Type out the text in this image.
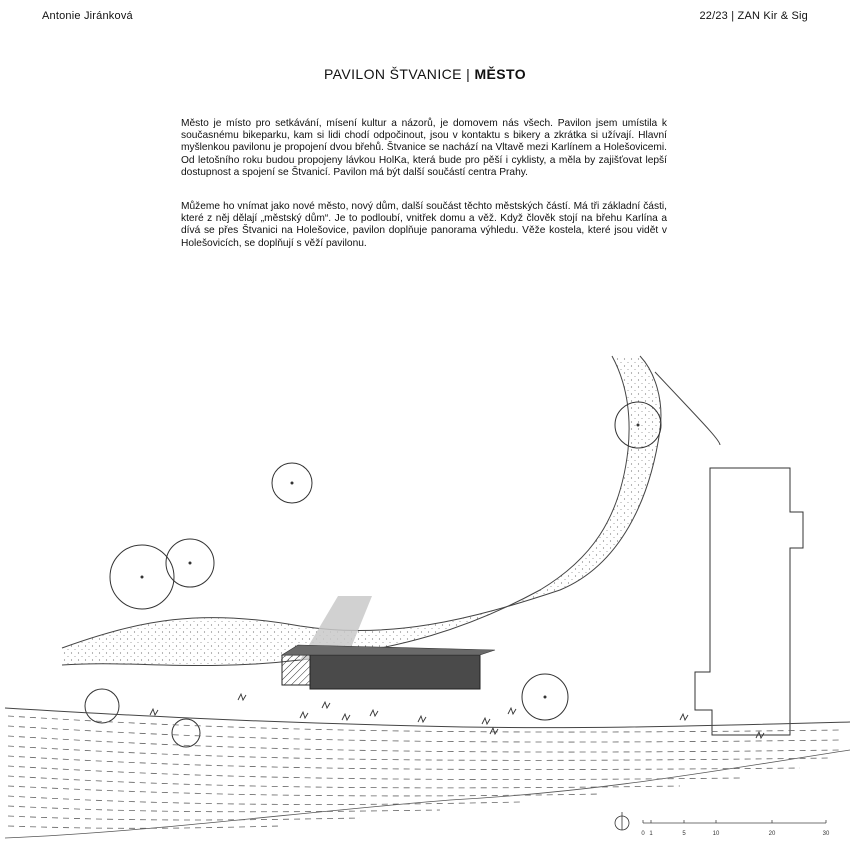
Antonie Jiránková	22/23 | ZAN Kir & Sig
PAVILON ŠTVANICE | MĚSTO
Město je místo pro setkávání, mísení kultur a názorů, je domovem nás všech. Pavilon jsem umístila k současnému bikeparku, kam si lidi chodí odpočinout, jsou v kontaktu s bikery a zkrátka si užívají. Hlavní myšlenkou pavilonu je propojení dvou břehů. Štvanice se nachází na Vltavě mezi Karlínem a Holešovicemi. Od letošního roku budou propojeny lávkou HolKa, která bude pro pěší i cyklisty, a měla by zajišťovat lepší dostupnost a spojení se Štvanicí. Pavilon má být další součástí centra Prahy.
Můžeme ho vnímat jako nové město, nový dům, další součást těchto městských částí. Má tři základní části, které z něj dělají „městský dům“. Je to podloubí, vnitřek domu a věž. Když člověk stojí na břehu Karlína a dívá se přes Štvanici na Holešovice, pavilon doplňuje panorama výhledu. Věže kostela, které jsou vidět v Holešovicích, se doplňují s věží pavilonu.
0 1	5	10	20	30
